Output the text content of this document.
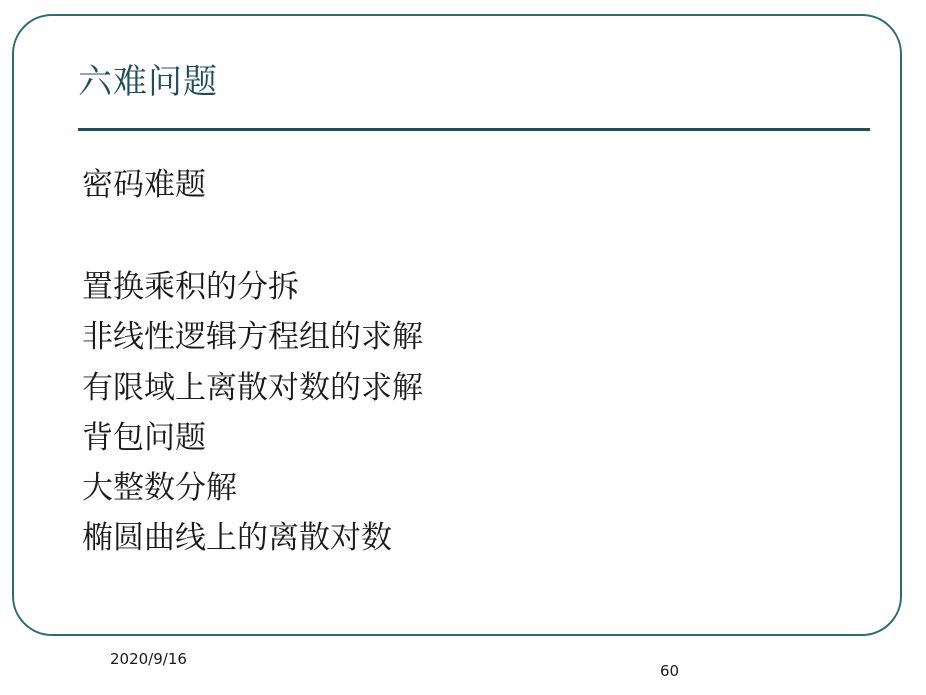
六难问题
密码难题
置换乘积的分拆
非线性逻辑方程组的求解
有限域上离散对数的求解
背包问题
大整数分解
椭圆曲线上的离散对数
2020/9/16
60
